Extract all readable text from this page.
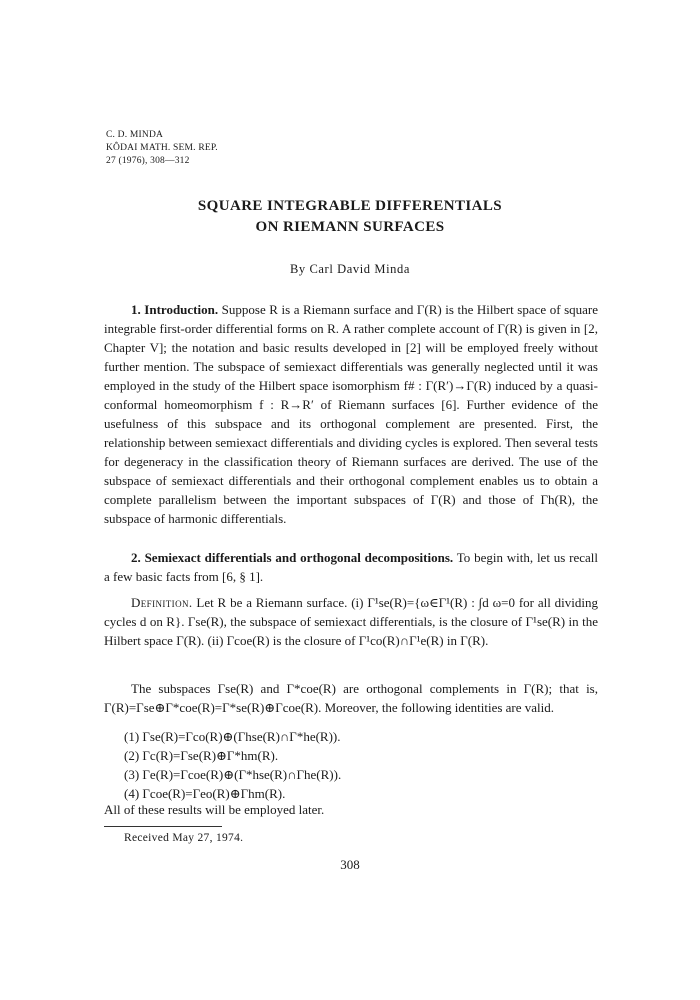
C. D. MINDA
KÔDAI MATH. SEM. REP.
27 (1976), 308—312
SQUARE INTEGRABLE DIFFERENTIALS
ON RIEMANN SURFACES
By Carl David Minda
1. Introduction. Suppose R is a Riemann surface and Γ(R) is the Hilbert space of square integrable first-order differential forms on R. A rather complete account of Γ(R) is given in [2, Chapter V]; the notation and basic results developed in [2] will be employed freely without further mention. The subspace of semiexact differentials was generally neglected until it was employed in the study of the Hilbert space isomorphism f# : Γ(R′)→Γ(R) induced by a quasi-conformal homeomorphism f : R→R′ of Riemann surfaces [6]. Further evidence of the usefulness of this subspace and its orthogonal complement are presented. First, the relationship between semiexact differentials and dividing cycles is explored. Then several tests for degeneracy in the classification theory of Riemann surfaces are derived. The use of the subspace of semiexact differentials and their orthogonal complement enables us to obtain a complete parallelism between the important subspaces of Γ(R) and those of Γh(R), the subspace of harmonic differentials.
2. Semiexact differentials and orthogonal decompositions. To begin with, let us recall a few basic facts from [6, § 1].
Definition. Let R be a Riemann surface. (i) Γ¹se(R)={ω∈Γ¹(R) : ∫d ω=0 for all dividing cycles d on R}. Γse(R), the subspace of semiexact differentials, is the closure of Γ¹se(R) in the Hilbert space Γ(R). (ii) Γcoe(R) is the closure of Γ¹co(R)∩Γ¹e(R) in Γ(R).
The subspaces Γse(R) and Γ*coe(R) are orthogonal complements in Γ(R); that is, Γ(R)=Γse⊕Γ*coe(R)=Γ*se(R)⊕Γcoe(R). Moreover, the following identities are valid.
(1) Γse(R)=Γco(R)⊕(Γhse(R)∩Γ*he(R)).
(2) Γc(R)=Γse(R)⊕Γ*hm(R).
(3) Γe(R)=Γcoe(R)⊕(Γ*hse(R)∩Γhe(R)).
(4) Γcoe(R)=Γeo(R)⊕Γhm(R).
All of these results will be employed later.
Received May 27, 1974.
308
